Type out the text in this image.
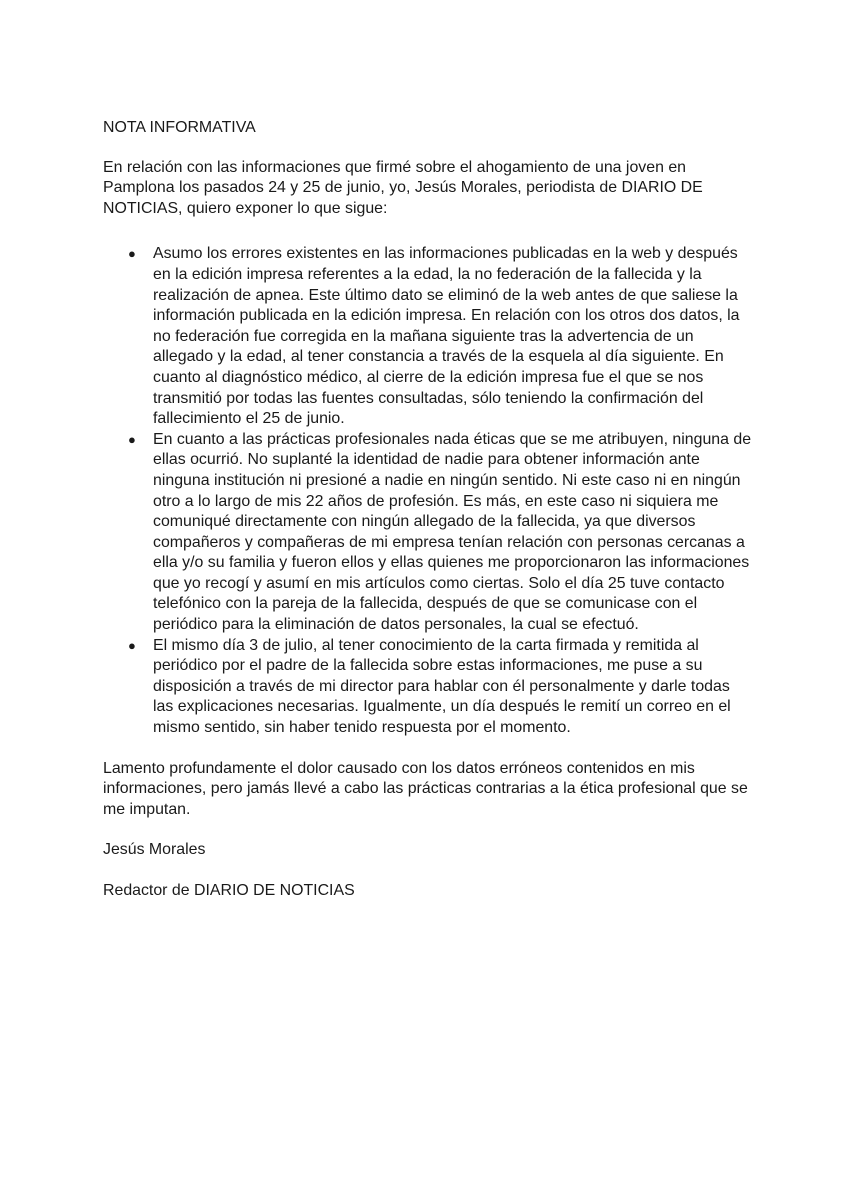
NOTA INFORMATIVA

En relación con las informaciones que firmé sobre el ahogamiento de una joven en Pamplona los pasados 24 y 25 de junio, yo, Jesús Morales, periodista de DIARIO DE NOTICIAS, quiero exponer lo que sigue:

●	Asumo los errores existentes en las informaciones publicadas en la web y después en la edición impresa referentes a la edad, la no federación de la fallecida y la realización de apnea. Este último dato se eliminó de la web antes de que saliese la información publicada en la edición impresa. En relación con los otros dos datos, la no federación fue corregida en la mañana siguiente tras la advertencia de un allegado y la edad, al tener constancia a través de la esquela al día siguiente. En cuanto al diagnóstico médico, al cierre de la edición impresa fue el que se nos transmitió por todas las fuentes consultadas, sólo teniendo la confirmación del fallecimiento el 25 de junio.
●	En cuanto a las prácticas profesionales nada éticas que se me atribuyen, ninguna de ellas ocurrió. No suplanté la identidad de nadie para obtener información ante ninguna institución ni presioné a nadie en ningún sentido. Ni este caso ni en ningún otro a lo largo de mis 22 años de profesión. Es más, en este caso ni siquiera me comuniqué directamente con ningún allegado de la fallecida, ya que diversos compañeros y compañeras de mi empresa tenían relación con personas cercanas a ella y/o su familia y fueron ellos y ellas quienes me proporcionaron las informaciones que yo recogí y asumí en mis artículos como ciertas. Solo el día 25 tuve contacto telefónico con la pareja de la fallecida, después de que se comunicase con el periódico para la eliminación de datos personales, la cual se efectuó.
●	El mismo día 3 de julio, al tener conocimiento de la carta firmada y remitida al periódico por el padre de la fallecida sobre estas informaciones, me puse a su disposición a través de mi director para hablar con él personalmente y darle todas las explicaciones necesarias. Igualmente, un día después le remití un correo en el mismo sentido, sin haber tenido respuesta por el momento.

Lamento profundamente el dolor causado con los datos erróneos contenidos en mis informaciones, pero jamás llevé a cabo las prácticas contrarias a la ética profesional que se me imputan.

Jesús Morales

Redactor de DIARIO DE NOTICIAS
